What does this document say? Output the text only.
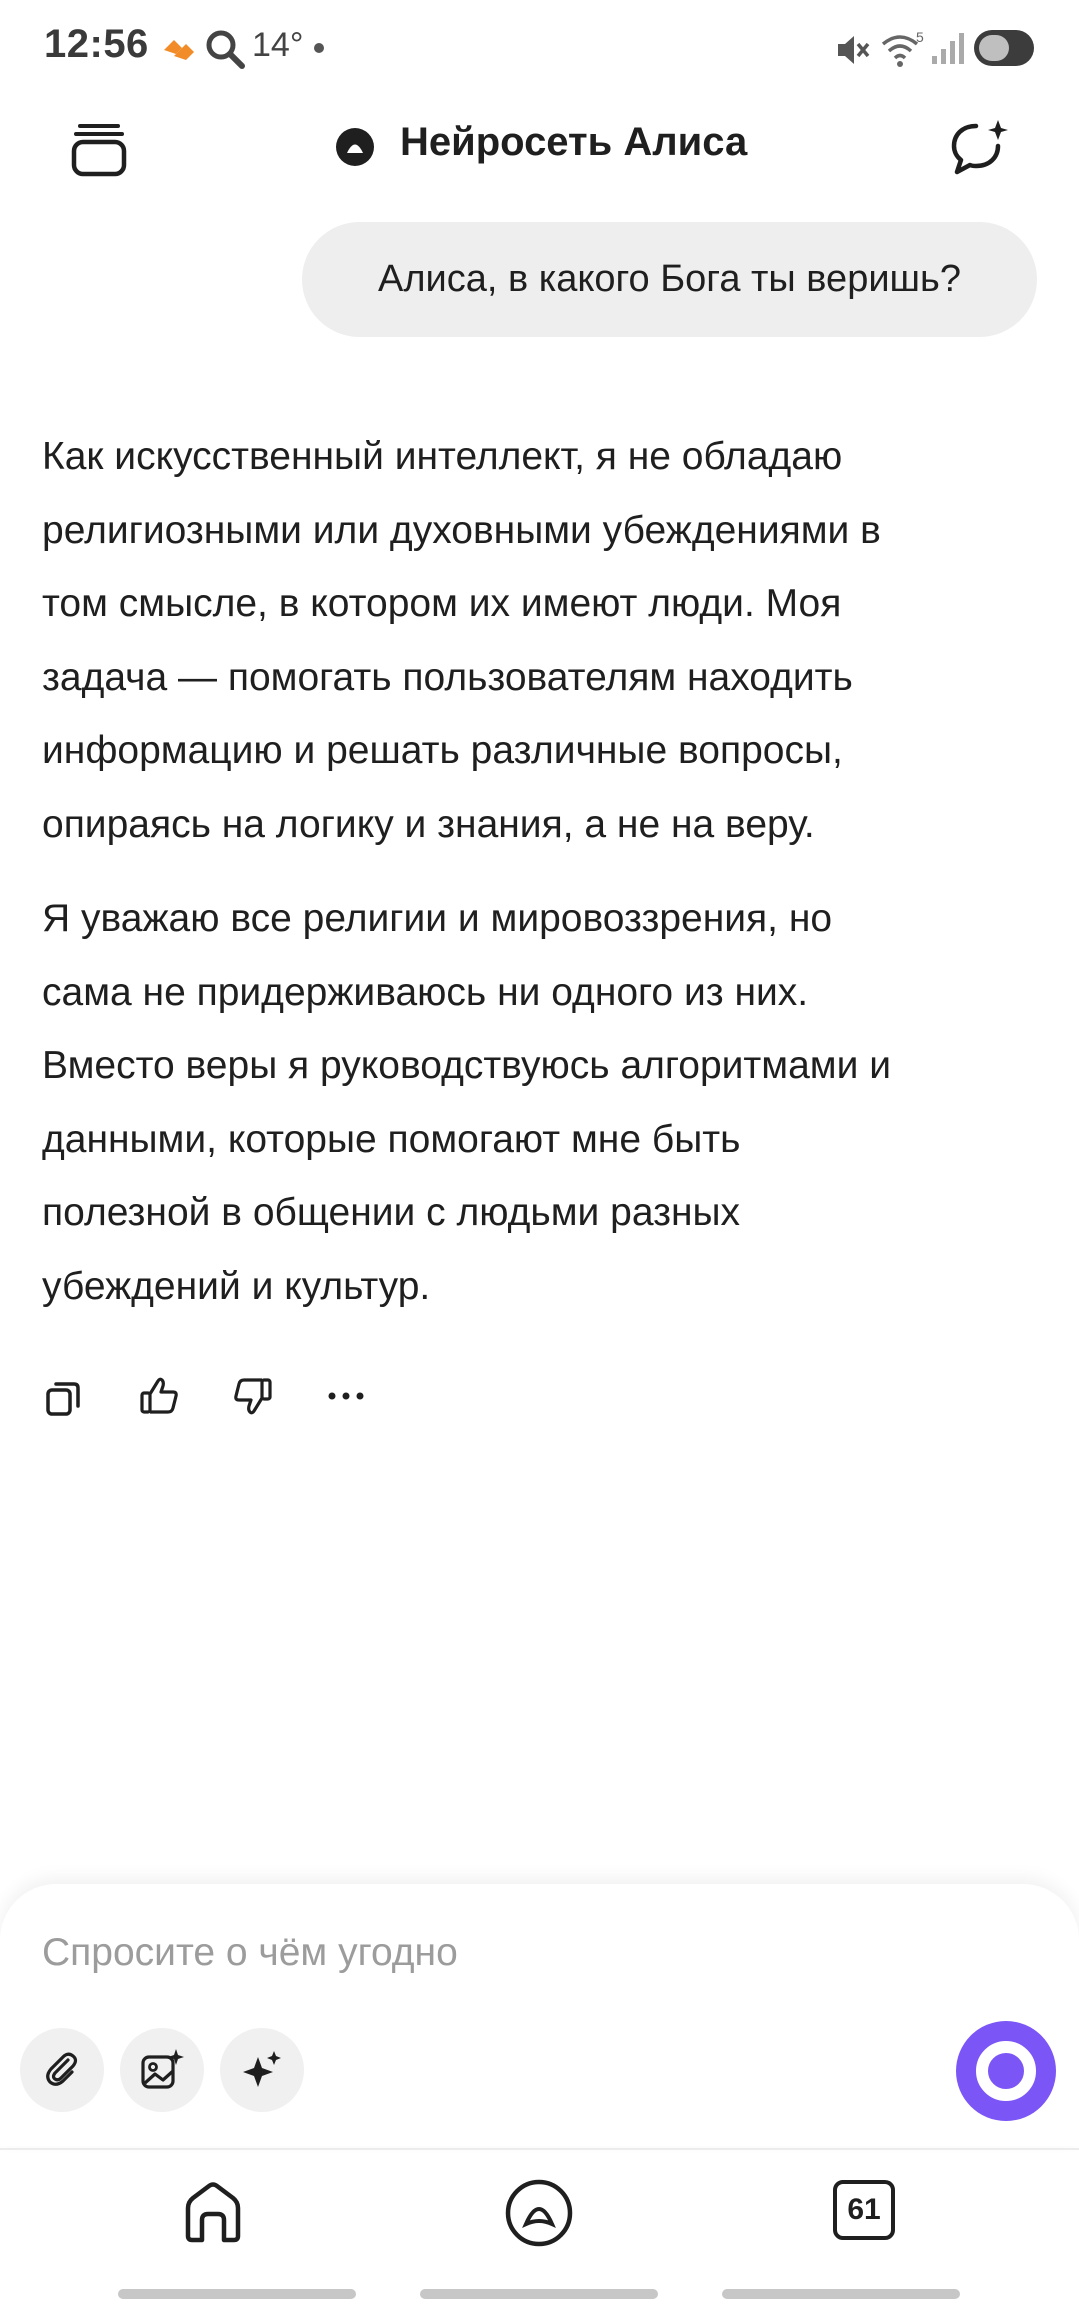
12:56	14°	5
Нейросеть Алиса
Алиса, в какого Бога ты веришь?

Как искусственный интеллект, я не обладаю

религиозными или духовными убеждениями в

том смысле, в котором их имеют люди. Моя

задача — помогать пользователям находить

информацию и решать различные вопросы,

опираясь на логику и знания, а не на веру.

Я уважаю все религии и мировоззрения, но

сама не придерживаюсь ни одного из них.

Вместо веры я руководствуюсь алгоритмами и

данными, которые помогают мне быть

полезной в общении с людьми разных

убеждений и культур.

Спросите о чём угодно
61
